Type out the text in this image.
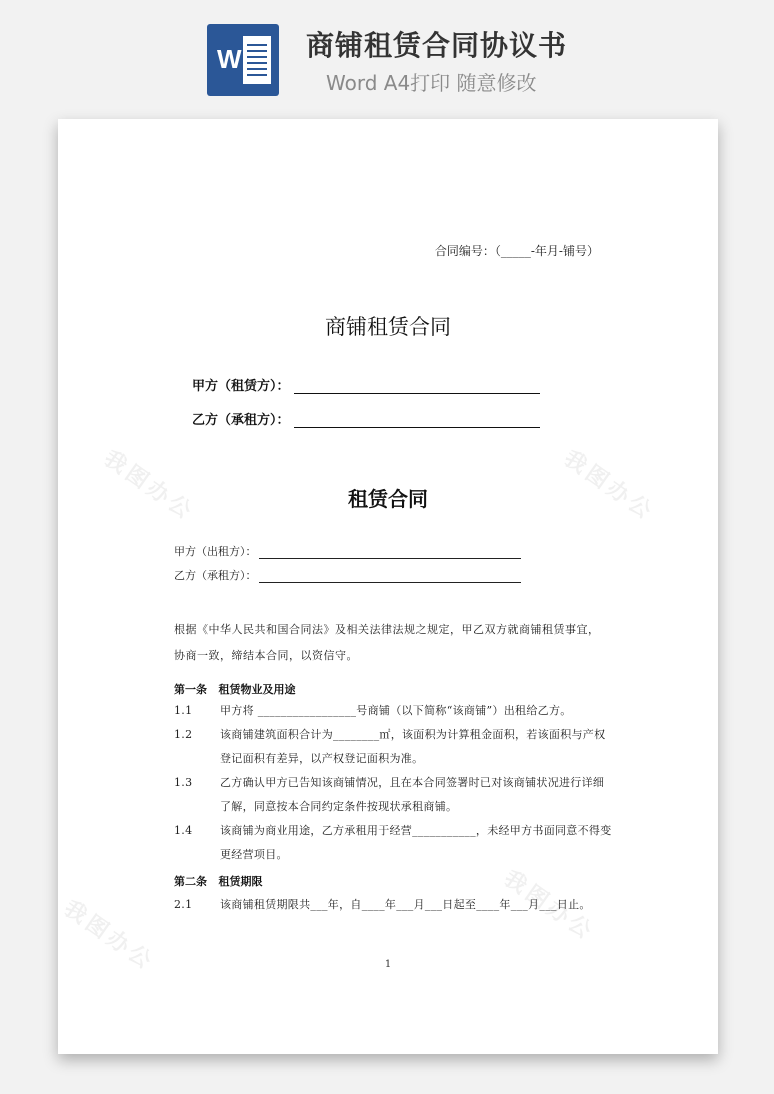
W 商铺租赁合同协议书
Word A4打印 随意修改
我图办公	我图办公
我图办公	我图办公
合同编号：（_____-年月-铺号）
商铺租赁合同
甲方（租赁方）：
乙方（承租方）：
租赁合同
甲方（出租方）：
乙方（承租方）：
根据《中华人民共和国合同法》及相关法律法规之规定，甲乙双方就商铺租赁事宜，协商一致，缔结本合同，以资信守。
第一条   租赁物业及用途
1.1	甲方将 _________________号商铺（以下简称“该商铺”）出租给乙方。
1.2	该商铺建筑面积合计为________㎡，该面积为计算租金面积，若该面积与产权登记面积有差异，以产权登记面积为准。
1.3	乙方确认甲方已告知该商铺情况，且在本合同签署时已对该商铺状况进行详细了解，同意按本合同约定条件按现状承租商铺。
1.4	该商铺为商业用途，乙方承租用于经营___________，未经甲方书面同意不得变更经营项目。
第二条   租赁期限
2.1	该商铺租赁期限共___年，自____年___月___日起至____年___月___日止。
1
